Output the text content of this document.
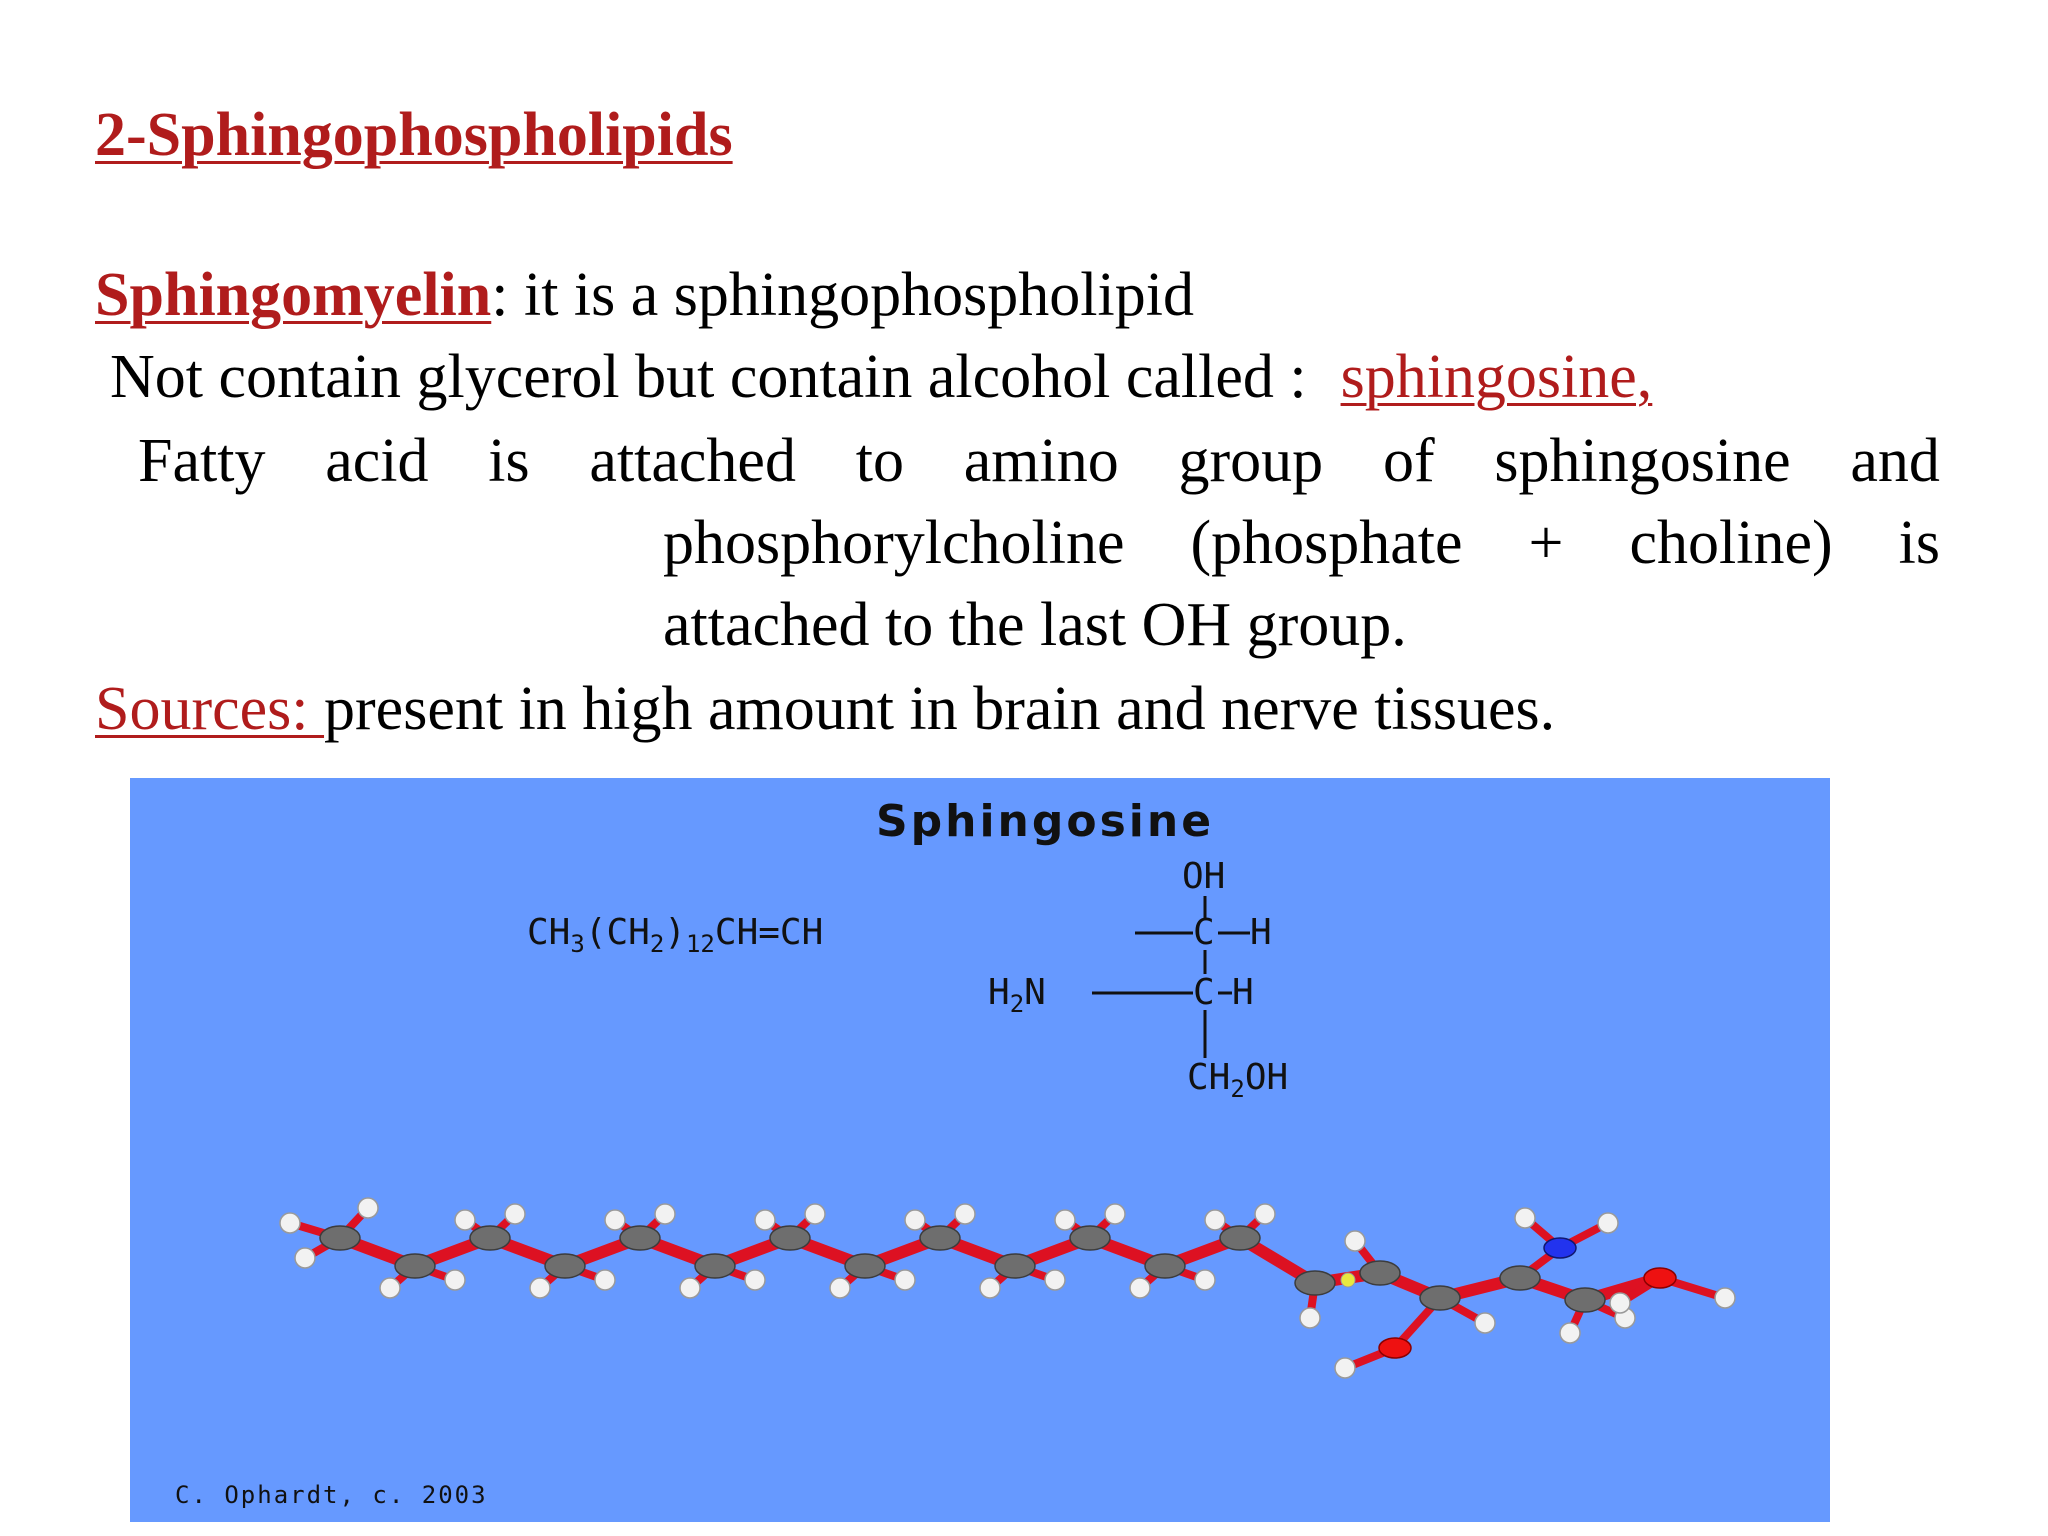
2-Sphingophospholipids
Sphingomyelin: it is a sphingophospholipid
Not contain glycerol but contain alcohol called : sphingosine,
Fatty acid is attached to amino group of sphingosine and
phosphorylcholine (phosphate + choline) is
attached to the last OH group.
Sources: present in high amount in brain and nerve tissues.
Sphingosine
$CH_3(CH_2)_{12}CH=CH$	C H
OH
$H_2N$	C H
$CH_2OH$
C. Ophardt, c. 2003
